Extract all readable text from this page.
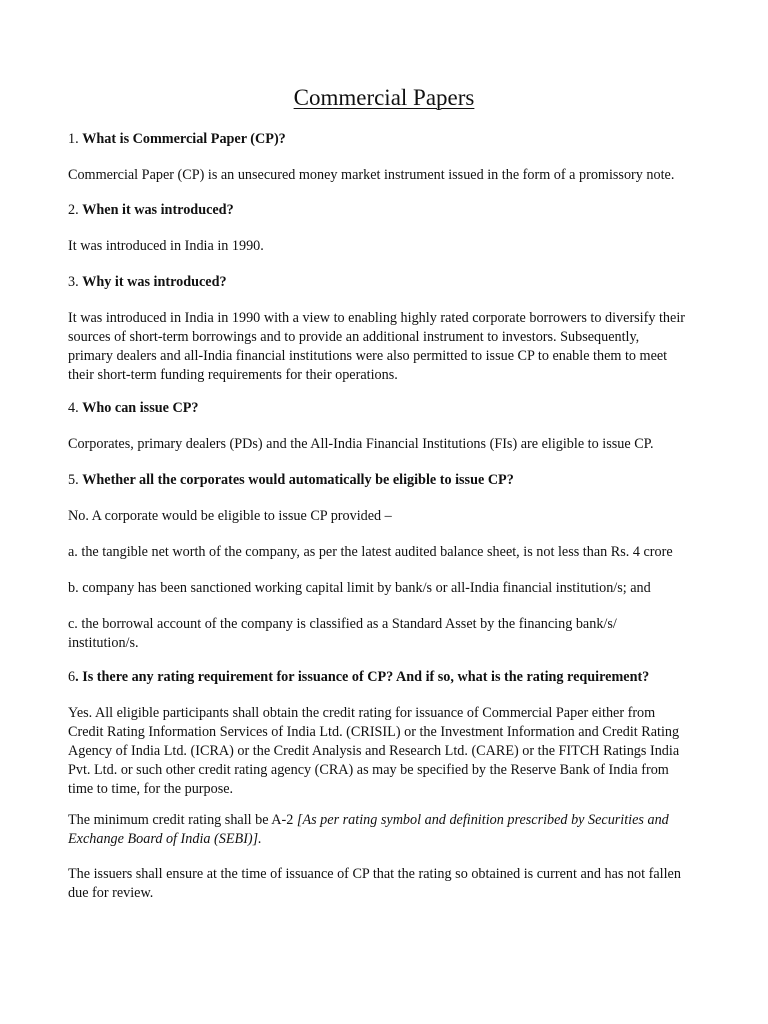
Commercial Papers
1. What is Commercial Paper (CP)?
Commercial Paper (CP) is an unsecured money market instrument issued in the form of a promissory note.
2. When it was introduced?
It was introduced in India in 1990.
3. Why it was introduced?
It was introduced in India in 1990 with a view to enabling highly rated corporate borrowers to diversify their
sources of short-term borrowings and to provide an additional instrument to investors. Subsequently,
primary dealers and all-India financial institutions were also permitted to issue CP to enable them to meet
their short-term funding requirements for their operations.
4. Who can issue CP?
Corporates, primary dealers (PDs) and the All-India Financial Institutions (FIs) are eligible to issue CP.
5. Whether all the corporates would automatically be eligible to issue CP?
No. A corporate would be eligible to issue CP provided –
a. the tangible net worth of the company, as per the latest audited balance sheet, is not less than Rs. 4 crore
b. company has been sanctioned working capital limit by bank/s or all-India financial institution/s; and
c. the borrowal account of the company is classified as a Standard Asset by the financing bank/s/
institution/s.
6. Is there any rating requirement for issuance of CP? And if so, what is the rating requirement?
Yes. All eligible participants shall obtain the credit rating for issuance of Commercial Paper either from
Credit Rating Information Services of India Ltd. (CRISIL) or the Investment Information and Credit Rating
Agency of India Ltd. (ICRA) or the Credit Analysis and Research Ltd. (CARE) or the FITCH Ratings India
Pvt. Ltd. or such other credit rating agency (CRA) as may be specified by the Reserve Bank of India from
time to time, for the purpose.
The minimum credit rating shall be A-2 [As per rating symbol and definition prescribed by Securities and
Exchange Board of India (SEBI)].
The issuers shall ensure at the time of issuance of CP that the rating so obtained is current and has not fallen
due for review.
